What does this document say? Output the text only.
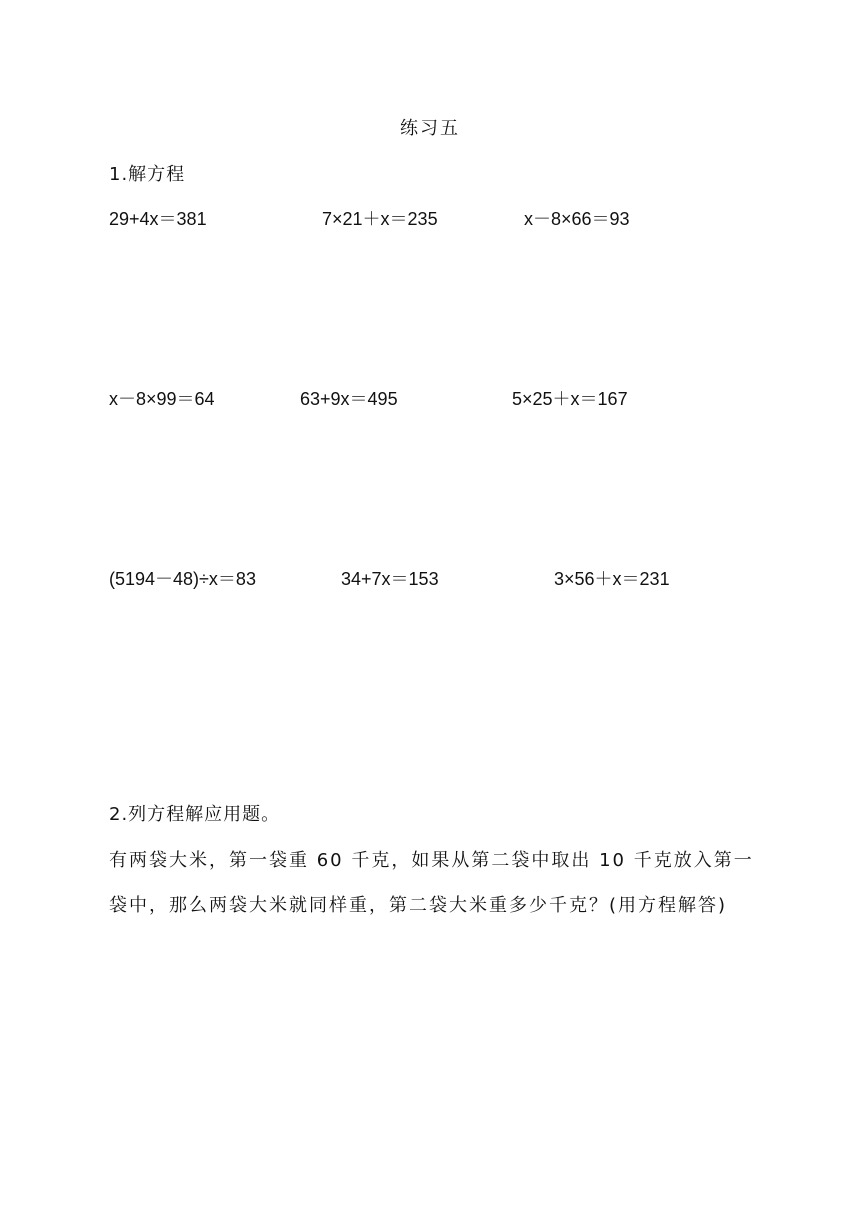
练习五
1.解方程
29+4x＝381	7×21＋x＝235	x－8×66＝93
x－8×99＝64	63+9x＝495	5×25＋x＝167
(5194－48)÷x＝83	34+7x＝153	3×56＋x＝231
2.列方程解应用题。
有两袋大米，第一袋重 60 千克，如果从第二袋中取出 10 千克放入第一
袋中，那么两袋大米就同样重，第二袋大米重多少千克？(用方程解答)
